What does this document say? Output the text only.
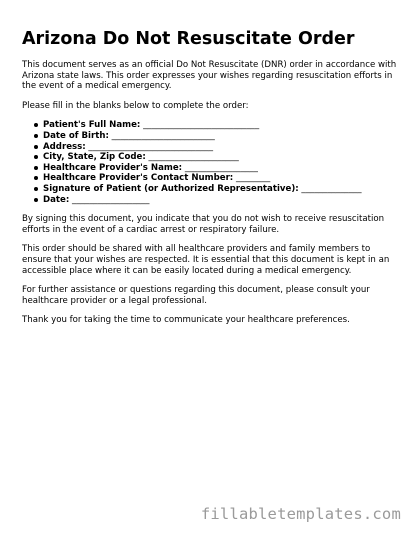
Arizona Do Not Resuscitate Order

This document serves as an official Do Not Resuscitate (DNR) order in accordance with Arizona state laws. This order expresses your wishes regarding resuscitation efforts in the event of a medical emergency.

Please fill in the blanks below to complete the order:

Patient's Full Name: ___________________________
Date of Birth: ________________________
Address: _____________________________
City, State, Zip Code: _____________________
Healthcare Provider's Name: _________________
Healthcare Provider's Contact Number: ________
Signature of Patient (or Authorized Representative): ______________
Date: __________________

By signing this document, you indicate that you do not wish to receive resuscitation efforts in the event of a cardiac arrest or respiratory failure.

This order should be shared with all healthcare providers and family members to ensure that your wishes are respected. It is essential that this document is kept in an accessible place where it can be easily located during a medical emergency.

For further assistance or questions regarding this document, please consult your healthcare provider or a legal professional.

Thank you for taking the time to communicate your healthcare preferences.

fillabletemplates.com
